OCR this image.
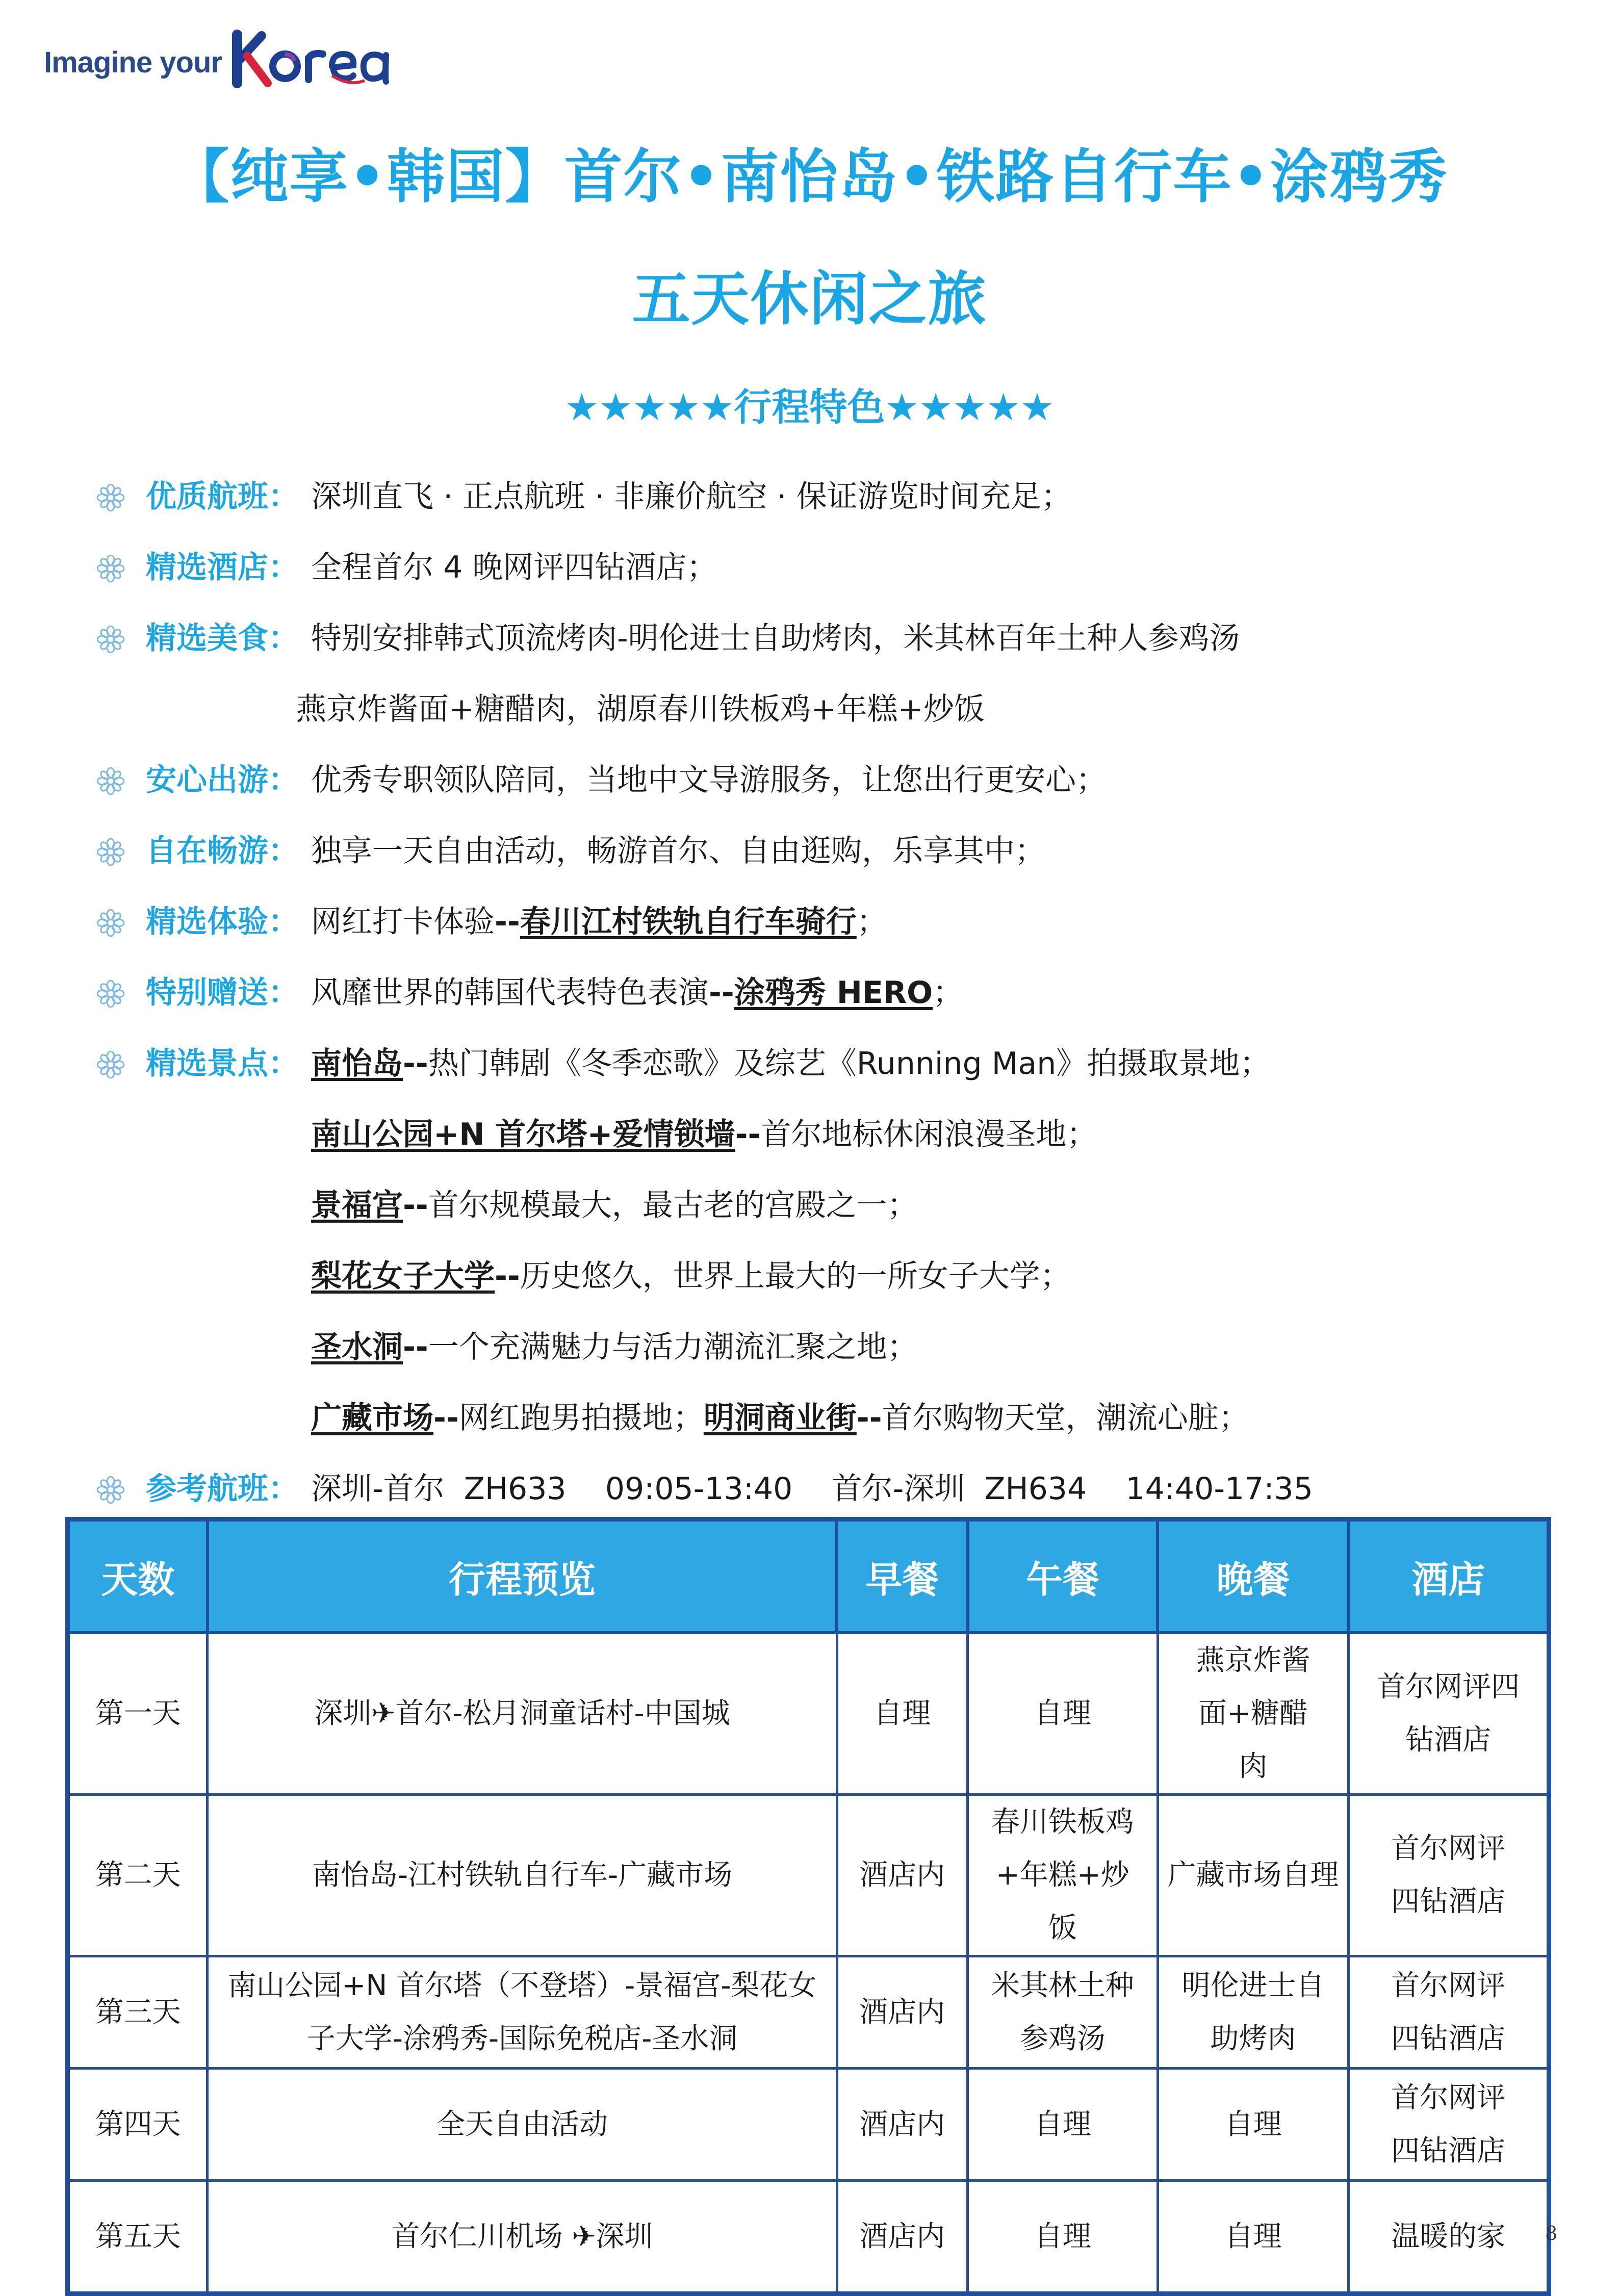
Imagine your
【纯享•韩国】首尔•南怡岛•铁路自行车•涂鸦秀
五天休闲之旅
★★★★★行程特色★★★★★
优质航班： 深圳直飞 · 正点航班 · 非廉价航空 · 保证游览时间充足；
精选酒店： 全程首尔 4 晚网评四钻酒店；
精选美食： 特别安排韩式顶流烤肉-明伦进士自助烤肉，米其林百年土种人参鸡汤
燕京炸酱面+糖醋肉，湖原春川铁板鸡+年糕+炒饭
安心出游： 优秀专职领队陪同，当地中文导游服务，让您出行更安心；
自在畅游： 独享一天自由活动，畅游首尔、自由逛购，乐享其中；
精选体验： 网红打卡体验--春川江村铁轨自行车骑行；
特别赠送： 风靡世界的韩国代表特色表演--涂鸦秀 HERO；
精选景点： 南怡岛--热门韩剧《冬季恋歌》及综艺《Running Man》拍摄取景地；
南山公园+N 首尔塔+爱情锁墙--首尔地标休闲浪漫圣地；
景福宫--首尔规模最大，最古老的宫殿之一；
梨花女子大学--历史悠久，世界上最大的一所女子大学；
圣水洞--一个充满魅力与活力潮流汇聚之地；
广藏市场--网红跑男拍摄地；明洞商业街--首尔购物天堂，潮流心脏；
参考航班： 深圳-首尔  ZH633    09:05-13:40    首尔-深圳  ZH634    14:40-17:35
天数	行程预览	早餐	午餐	晚餐	酒店
第一天	深圳✈首尔-松月洞童话村-中国城	自理	自理	燕京炸酱面+糖醋肉	首尔网评四钻酒店
第二天	南怡岛-江村铁轨自行车-广藏市场	酒店内	春川铁板鸡+年糕+炒饭	广藏市场自理	首尔网评四钻酒店
第三天	南山公园+N 首尔塔（不登塔）-景福宫-梨花女子大学-涂鸦秀-国际免税店-圣水洞	酒店内	米其林土种参鸡汤	明伦进士自助烤肉	首尔网评四钻酒店
第四天	全天自由活动	酒店内	自理	自理	首尔网评四钻酒店
第五天	首尔仁川机场 ✈深圳	酒店内	自理	自理	温暖的家 8
